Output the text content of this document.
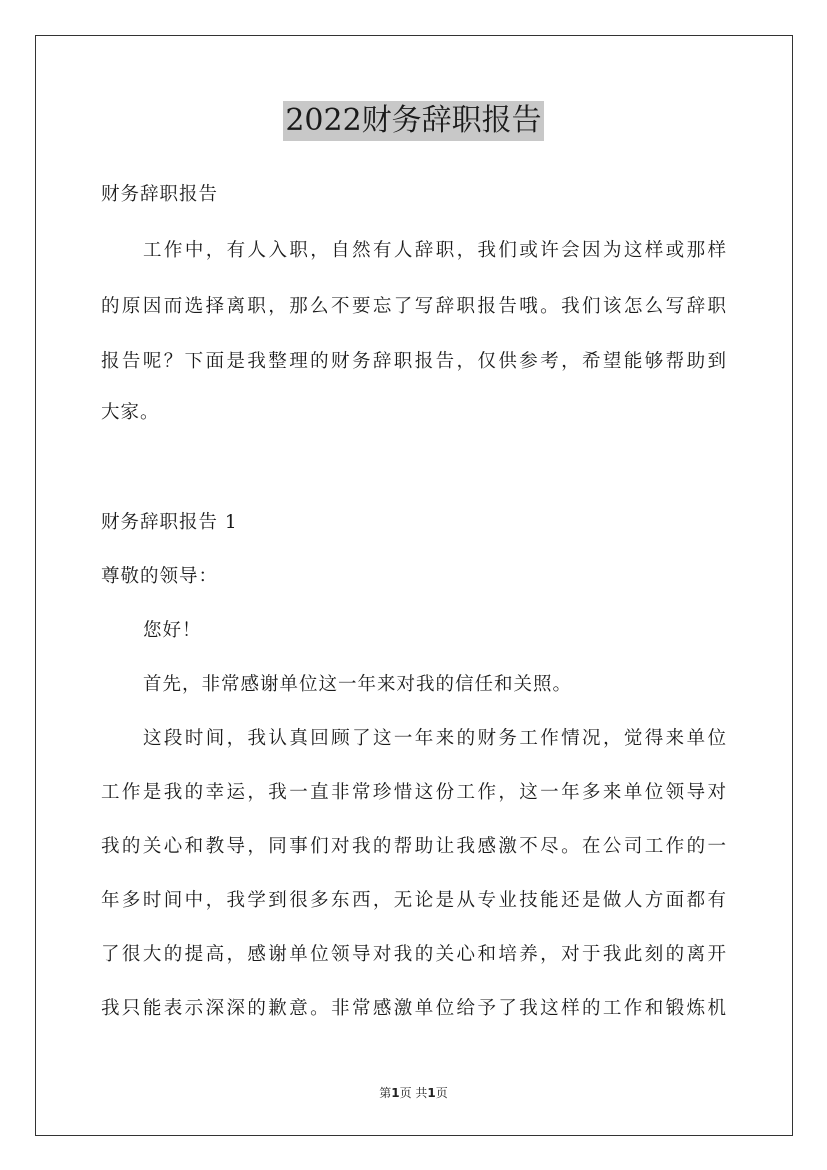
2022财务辞职报告
财务辞职报告
工作中，有人入职，自然有人辞职，我们或许会因为这样或那样
的原因而选择离职，那么不要忘了写辞职报告哦。我们该怎么写辞职
报告呢？下面是我整理的财务辞职报告，仅供参考，希望能够帮助到
大家。
财务辞职报告 1
尊敬的领导：
您好！
首先，非常感谢单位这一年来对我的信任和关照。
这段时间，我认真回顾了这一年来的财务工作情况，觉得来单位
工作是我的幸运，我一直非常珍惜这份工作，这一年多来单位领导对
我的关心和教导，同事们对我的帮助让我感激不尽。在公司工作的一
年多时间中，我学到很多东西，无论是从专业技能还是做人方面都有
了很大的提高，感谢单位领导对我的关心和培养，对于我此刻的离开
我只能表示深深的歉意。非常感激单位给予了我这样的工作和锻炼机
第1页 共1页
